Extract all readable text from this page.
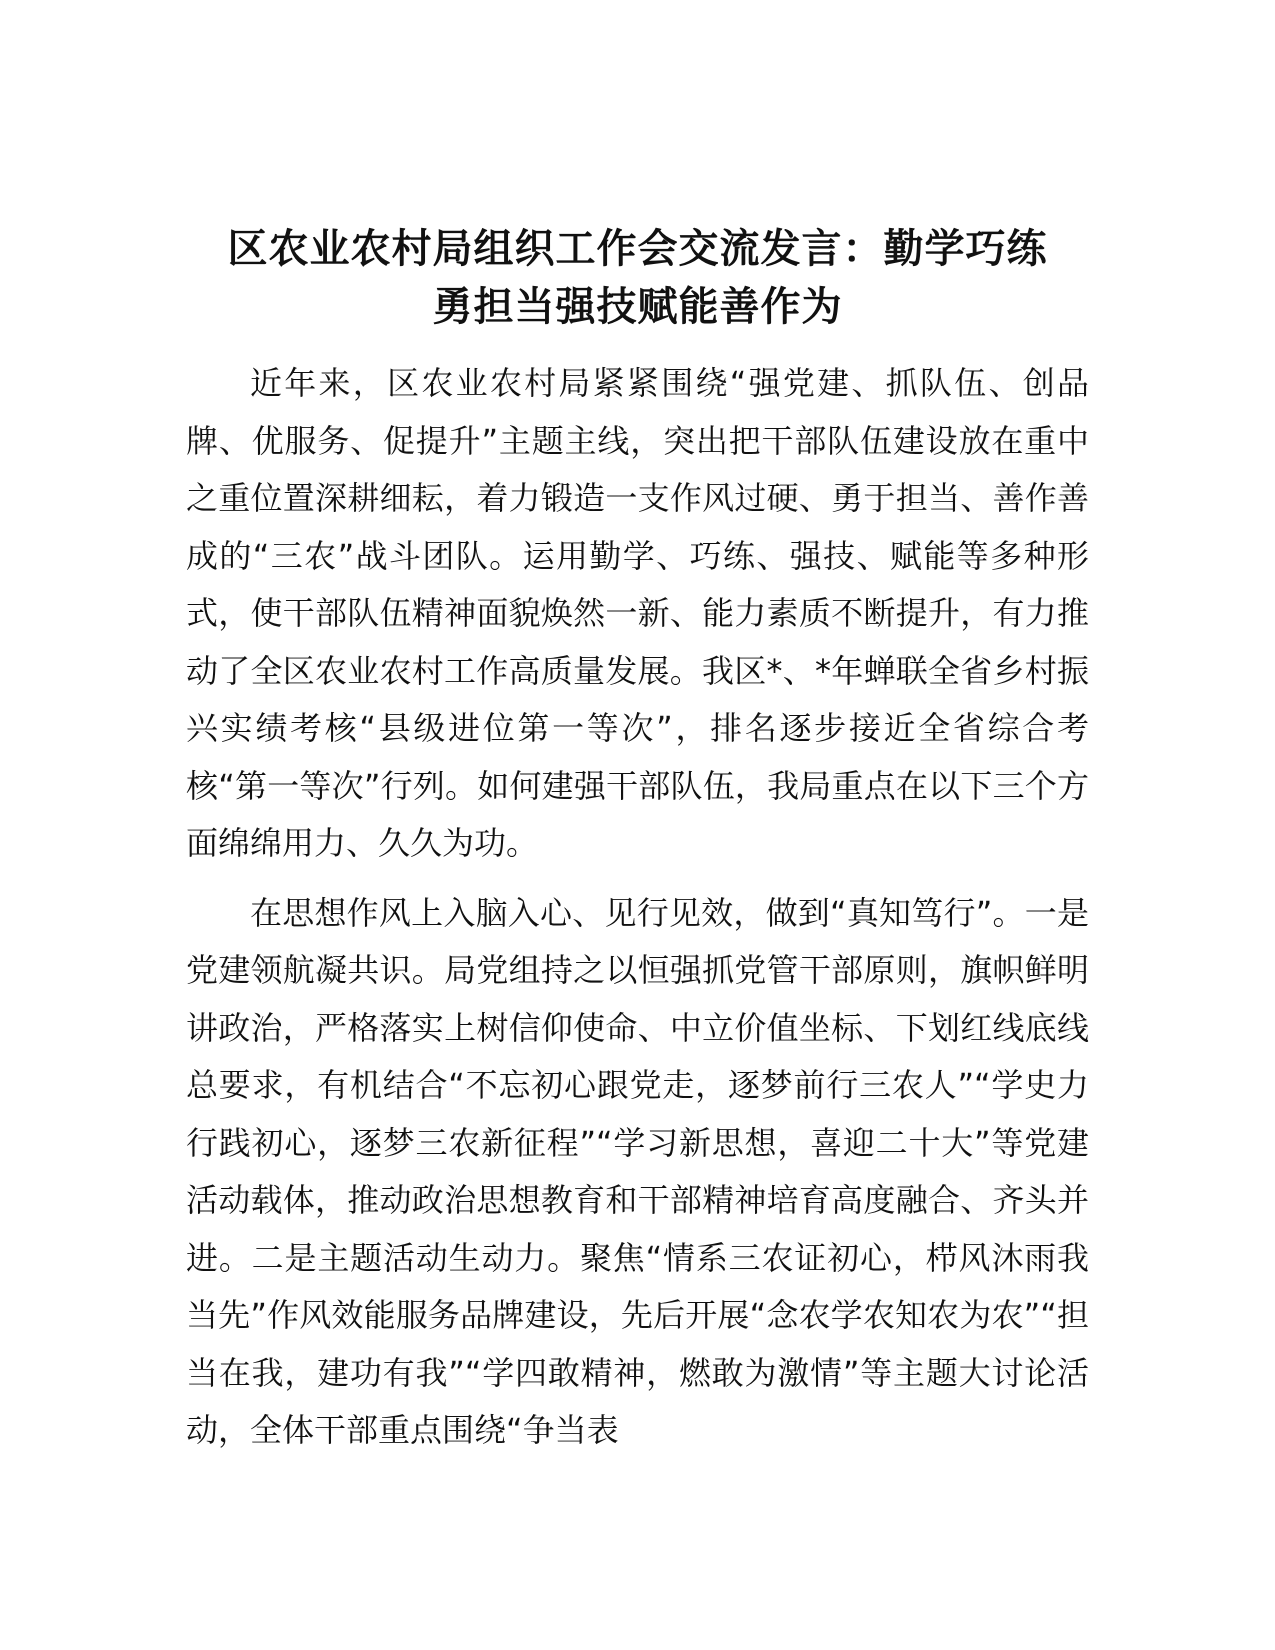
区农业农村局组织工作会交流发言：勤学巧练
勇担当强技赋能善作为

近年来，区农业农村局紧紧围绕“强党建、抓队伍、创品牌、优服务、促提升”主题主线，突出把干部队伍建设放在重中之重位置深耕细耘，着力锻造一支作风过硬、勇于担当、善作善成的“三农”战斗团队。运用勤学、巧练、强技、赋能等多种形式，使干部队伍精神面貌焕然一新、能力素质不断提升，有力推动了全区农业农村工作高质量发展。我区*、*年蝉联全省乡村振兴实绩考核“县级进位第一等次”，排名逐步接近全省综合考核“第一等次”行列。如何建强干部队伍，我局重点在以下三个方面绵绵用力、久久为功。

在思想作风上入脑入心、见行见效，做到“真知笃行”。一是党建领航凝共识。局党组持之以恒强抓党管干部原则，旗帜鲜明讲政治，严格落实上树信仰使命、中立价值坐标、下划红线底线总要求，有机结合“不忘初心跟党走，逐梦前行三农人”“学史力行践初心，逐梦三农新征程”“学习新思想，喜迎二十大”等党建活动载体，推动政治思想教育和干部精神培育高度融合、齐头并进。二是主题活动生动力。聚焦“情系三农证初心，栉风沐雨我当先”作风效能服务品牌建设，先后开展“念农学农知农为农”“担当在我，建功有我”“学四敢精神，燃敢为激情”等主题大讨论活动，全体干部重点围绕“争当表
